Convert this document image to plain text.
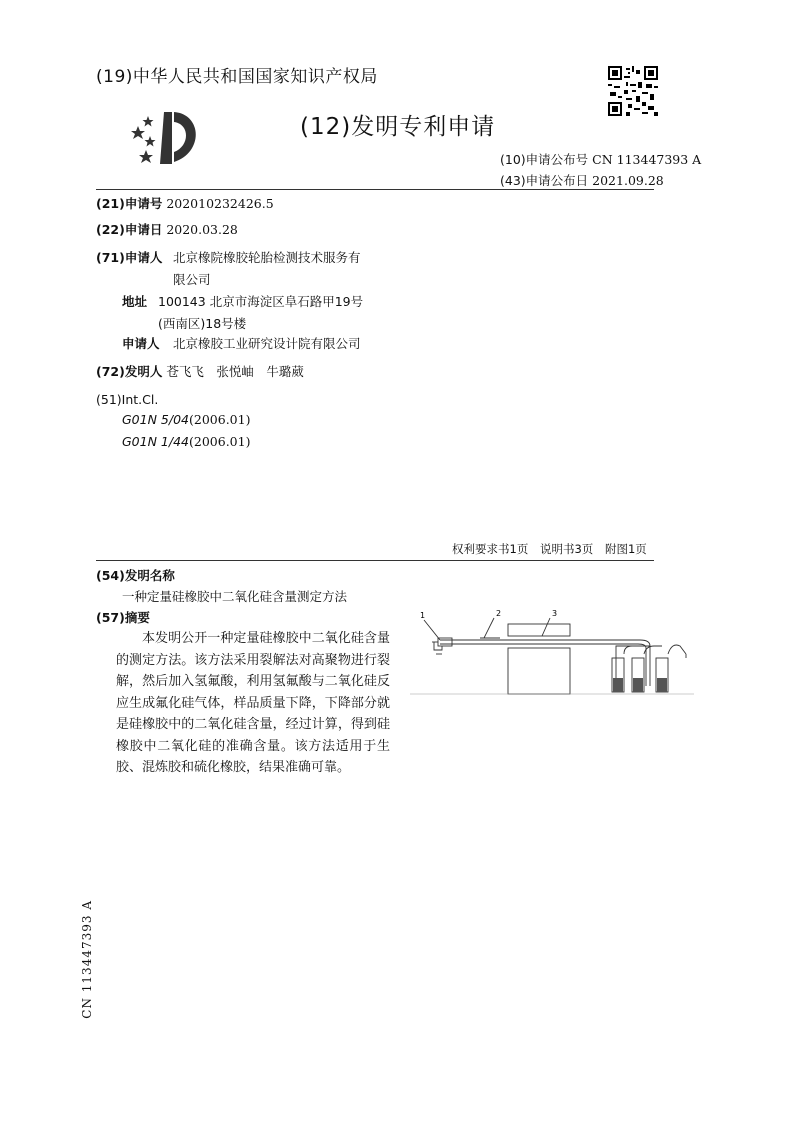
(19)中华人民共和国国家知识产权局
(12)发明专利申请
(10)申请公布号 CN 113447393 A
(43)申请公布日 2021.09.28
(21)申请号 202010232426.5
(22)申请日 2020.03.28
(71)申请人 北京橡院橡胶轮胎检测技术服务有
限公司
地址 100143 北京市海淀区阜石路甲19号
(西南区)18号楼
申请人 北京橡胶工业研究设计院有限公司
(72)发明人 苍飞飞　张悦岫　牛璐葳
(51)Int.Cl.
G01N 5/04(2006.01)
G01N 1/44(2006.01)
权利要求书1页 说明书3页 附图1页
(54)发明名称
一种定量硅橡胶中二氧化硅含量测定方法
(57)摘要
本发明公开一种定量硅橡胶中二氧化硅含量的测定方法。该方法采用裂解法对高聚物进行裂解，然后加入氢氟酸，利用氢氟酸与二氧化硅反应生成氟化硅气体，样品质量下降，下降部分就是硅橡胶中的二氧化硅含量，经过计算，得到硅橡胶中二氧化硅的准确含量。该方法适用于生胶、混炼胶和硫化橡胶，结果准确可靠。
1	2	3
CN 113447393 A
